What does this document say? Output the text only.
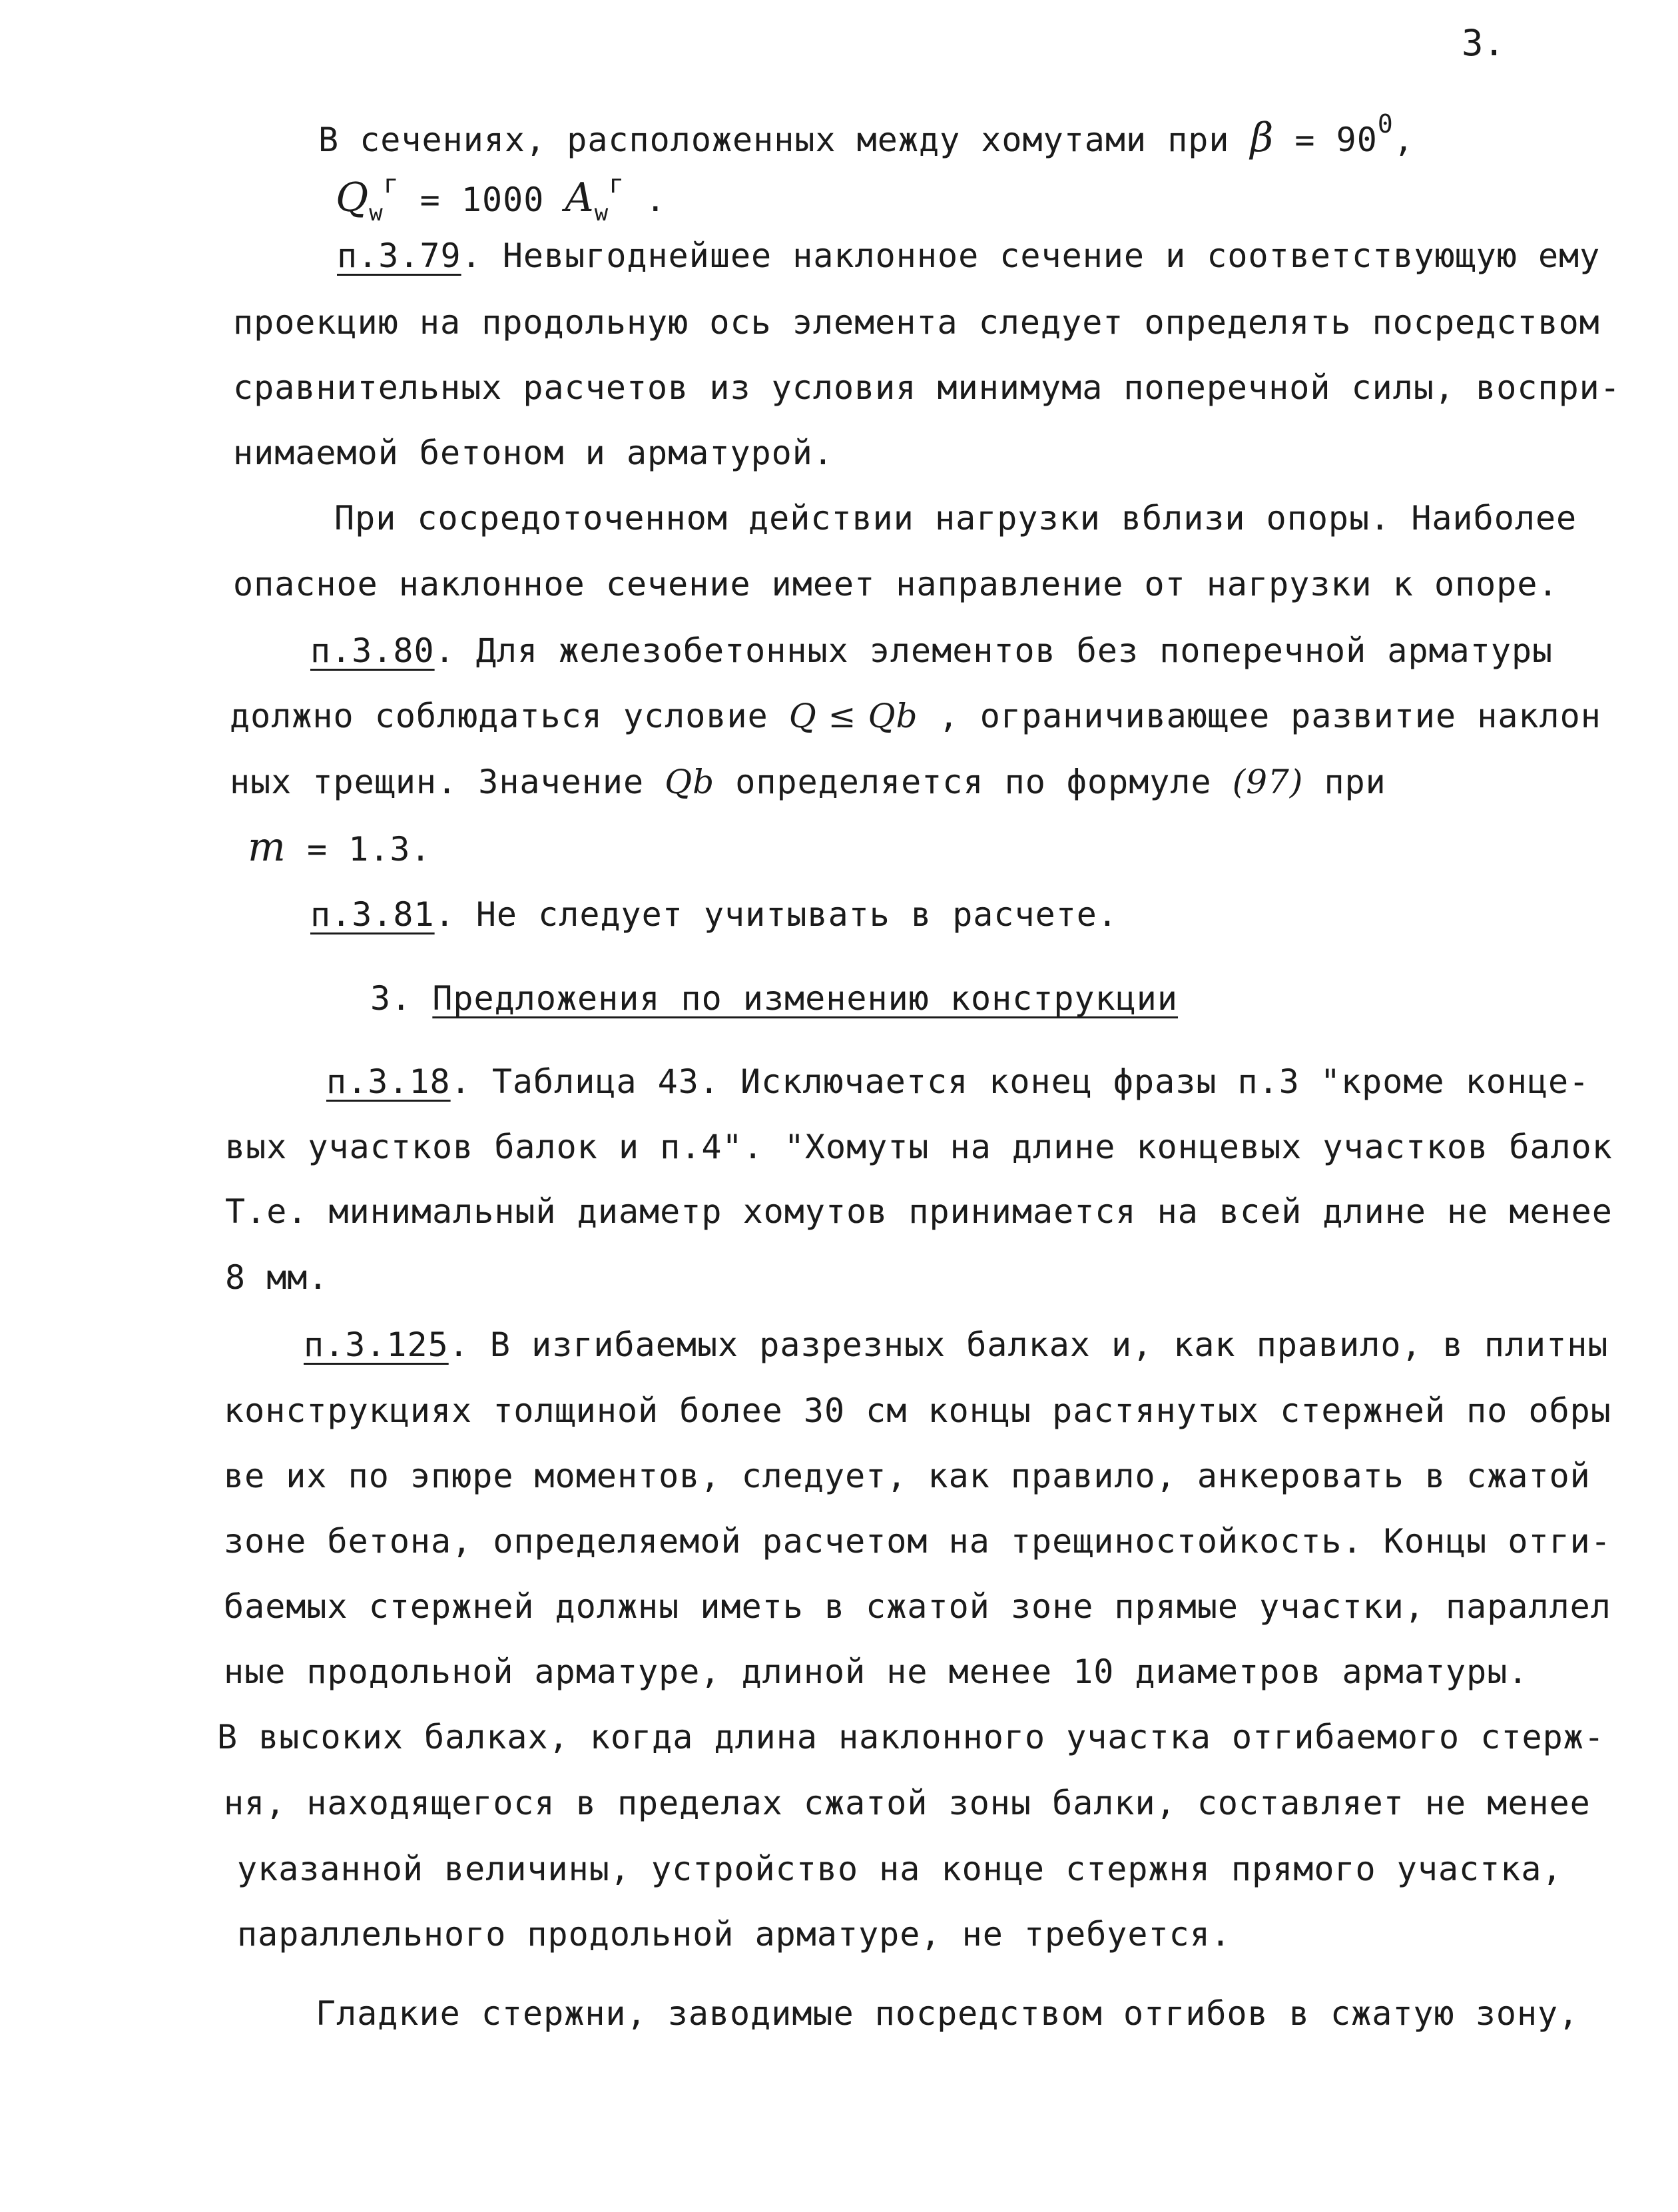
3.
В сечениях, расположенных между хомутами при $\beta = 90^0$,
$Q_w^г = 1000$ $A_w^г$ .
п.3.79. Невыгоднейшее наклонное сечение и соответствующую ему
проекцию на продольную ось элемента следует определять посредством
сравнительных расчетов из условия минимума поперечной силы, воспри-
нимаемой бетоном и арматурой.
При сосредоточенном действии нагрузки вблизи опоры. Наиболее
опасное наклонное сечение имеет направление от нагрузки к опоре.
п.3.80. Для железобетонных элементов без поперечной арматуры
должно соблюдаться условие Q ≤ Qb , ограничивающее развитие наклон
ных трещин. Значение Qb определяется по формуле (97) при
m = 1.3.
п.3.81. Не следует учитывать в расчете.
3. Предложения по изменению конструкции
п.3.18. Таблица 43. Исключается конец фразы п.3 "кроме конце-
вых участков балок и п.4". "Хомуты на длине концевых участков балок
Т.е. минимальный диаметр хомутов принимается на всей длине не менее
8 мм.
п.3.125. В изгибаемых разрезных балках и, как правило, в плитны
конструкциях толщиной более 30 см концы растянутых стержней по обры
ве их по эпюре моментов, следует, как правило, анкеровать в сжатой
зоне бетона, определяемой расчетом на трещиностойкость. Концы отги-
баемых стержней должны иметь в сжатой зоне прямые участки, параллел
ные продольной арматуре, длиной не менее 10 диаметров арматуры.
В высоких балках, когда длина наклонного участка отгибаемого стерж-
ня, находящегося в пределах сжатой зоны балки, составляет не менее
указанной величины, устройство на конце стержня прямого участка,
параллельного продольной арматуре, не требуется.
Гладкие стержни, заводимые посредством отгибов в сжатую зону,
